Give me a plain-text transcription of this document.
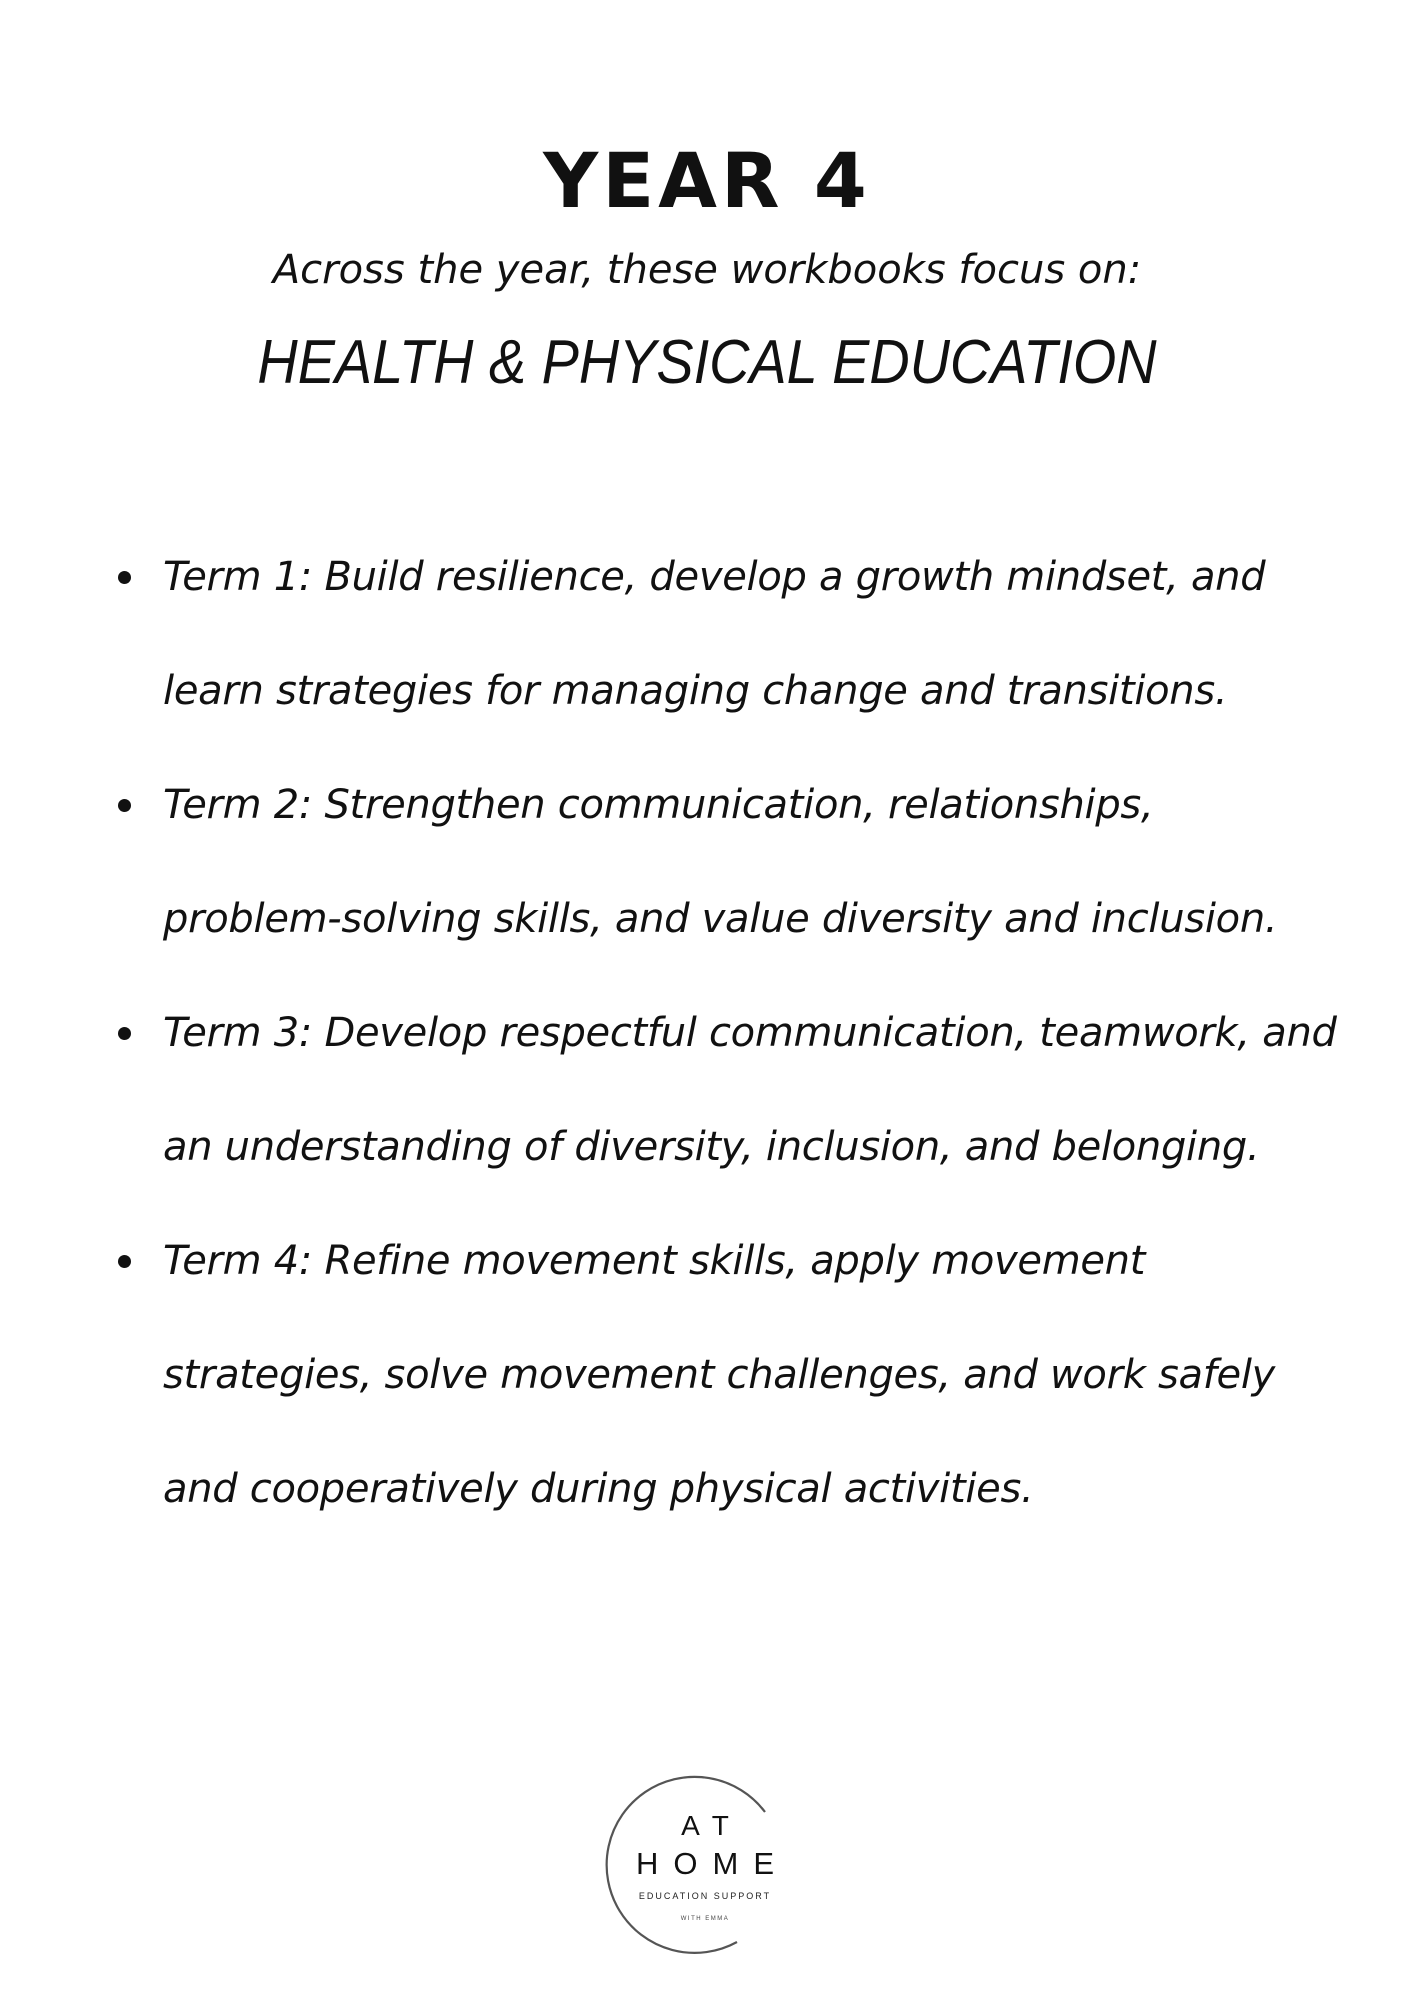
YEAR 4
Across the year, these workbooks focus on:
HEALTH & PHYSICAL EDUCATION
Term 1: Build resilience, develop a growth mindset, and learn strategies for managing change and transitions.
Term 2: Strengthen communication, relationships, problem-solving skills, and value diversity and inclusion.
Term 3: Develop respectful communication, teamwork, and an understanding of diversity, inclusion, and belonging.
Term 4: Refine movement skills, apply movement strategies, solve movement challenges, and work safely and cooperatively during physical activities.
AT
HOME
EDUCATION SUPPORT
WITH EMMA
